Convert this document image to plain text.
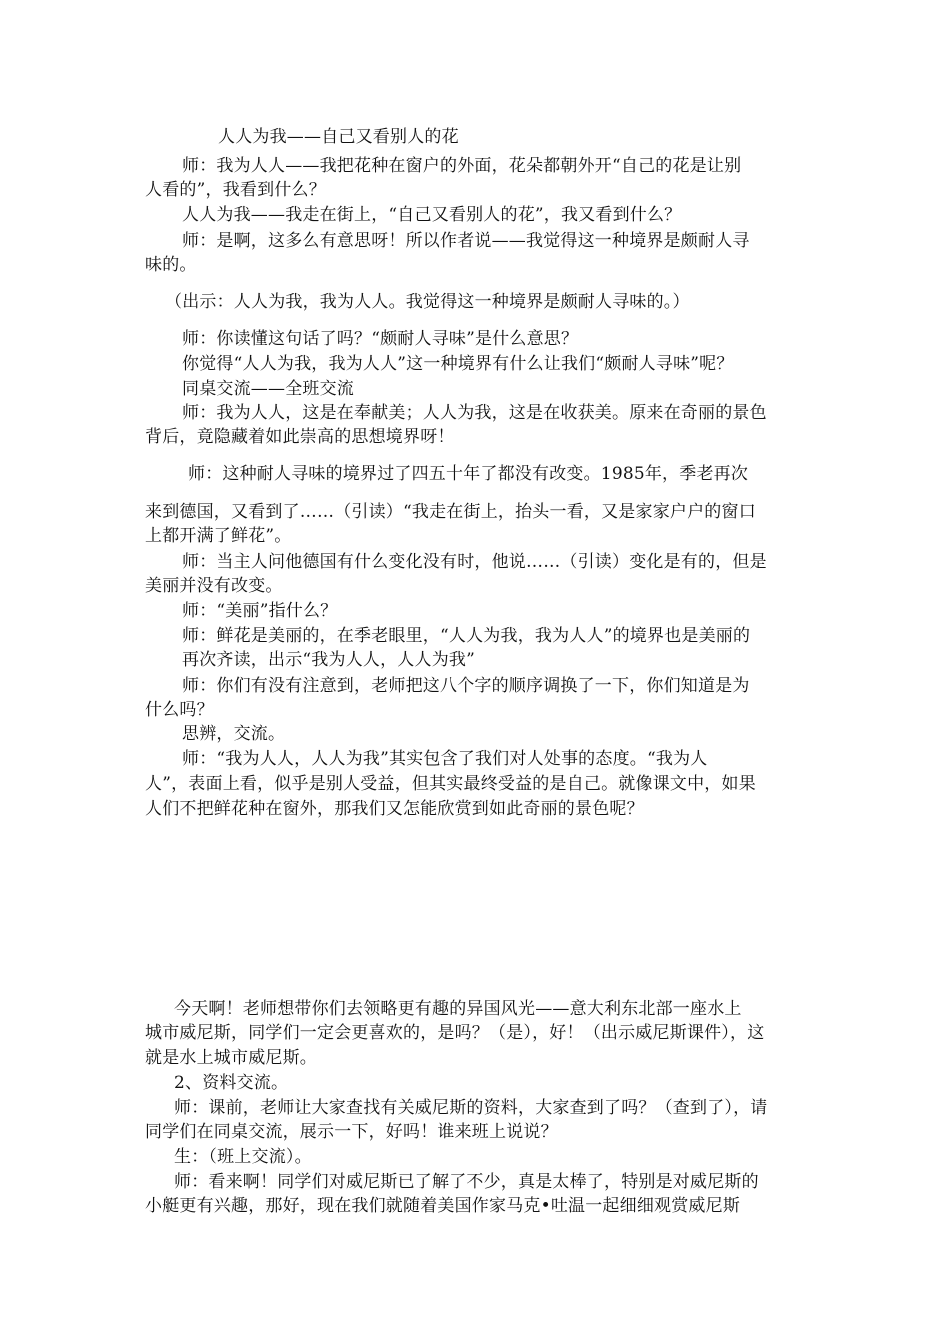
人人为我——自己又看别人的花
师：我为人人——我把花种在窗户的外面，花朵都朝外开“自己的花是让别
人看的”，我看到什么？
人人为我——我走在街上，“自己又看别人的花”，我又看到什么？
师：是啊，这多么有意思呀！所以作者说——我觉得这一种境界是颇耐人寻
味的。
（出示：人人为我，我为人人。我觉得这一种境界是颇耐人寻味的。）
师：你读懂这句话了吗？“颇耐人寻味”是什么意思？
你觉得“人人为我，我为人人”这一种境界有什么让我们“颇耐人寻味”呢？
同桌交流——全班交流
师：我为人人，这是在奉献美；人人为我，这是在收获美。原来在奇丽的景色
背后，竟隐藏着如此崇高的思想境界呀！
师：这种耐人寻味的境界过了四五十年了都没有改变。1985年，季老再次
来到德国，又看到了……（引读）“我走在街上，抬头一看，又是家家户户的窗口
上都开满了鲜花”。
师：当主人问他德国有什么变化没有时，他说……（引读）变化是有的，但是
美丽并没有改变。
师：“美丽”指什么？
师：鲜花是美丽的，在季老眼里，“人人为我，我为人人”的境界也是美丽的
再次齐读，出示“我为人人，人人为我”
师：你们有没有注意到，老师把这八个字的顺序调换了一下，你们知道是为
什么吗？
思辨，交流。
师：“我为人人，人人为我”其实包含了我们对人处事的态度。“我为人
人”，表面上看，似乎是别人受益，但其实最终受益的是自己。就像课文中，如果
人们不把鲜花种在窗外，那我们又怎能欣赏到如此奇丽的景色呢？
今天啊！老师想带你们去领略更有趣的异国风光——意大利东北部一座水上
城市威尼斯，同学们一定会更喜欢的，是吗？（是），好！（出示威尼斯课件），这
就是水上城市威尼斯。
2、资料交流。
师：课前，老师让大家查找有关威尼斯的资料，大家查到了吗？（查到了），请
同学们在同桌交流，展示一下，好吗！谁来班上说说？
生：（班上交流）。
师：看来啊！同学们对威尼斯已了解了不少，真是太棒了，特别是对威尼斯的
小艇更有兴趣，那好，现在我们就随着美国作家马克•吐温一起细细观赏威尼斯
